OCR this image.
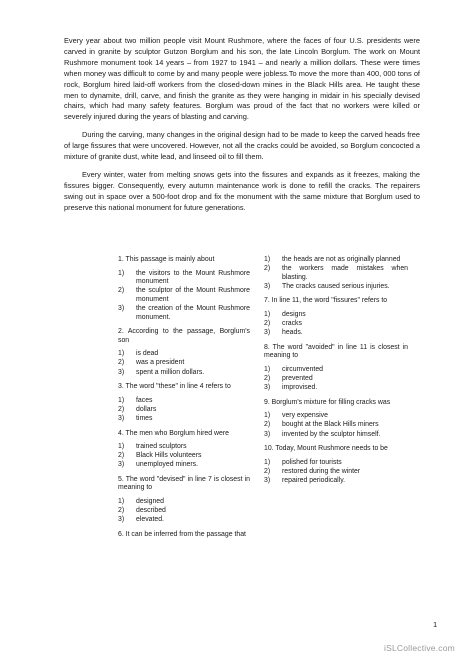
Every year about two million people visit Mount Rushmore, where the faces of four U.S. presidents were carved in granite by sculptor Gutzon Borglum and his son, the late Lincoln Borglum. The work on Mount Rushmore monument took 14 years – from 1927 to 1941 – and nearly a million dollars. These were times when money was difficult to come by and many people were jobless.To move the more than 400, 000 tons of rock, Borglum hired laid-off workers from the closed-down mines in the Black Hills area. He taught these men to dynamite, drill, carve, and finish the granite as they were hanging in midair in his specially devised chairs, which had many safety features. Borglum was proud of the fact that no workers were killed or severely injured during the years of blasting and carving.

During the carving, many changes in the original design had to be made to keep the carved heads free of large fissures that were uncovered. However, not all the cracks could be avoided, so Borglum concocted a mixture of granite dust, white lead, and linseed oil to fill them.

Every winter, water from melting snows gets into the fissures and expands as it freezes, making the fissures bigger. Consequently, every autumn maintenance work is done to refill the cracks. The repairers swing out in space over a 500-foot drop and fix the monument with the same mixture that Borglum used to preserve this national monument for future generations.

1. This passage is mainly about
1)	the visitors to the Mount Rushmore monument
2)	the sculptor of the Mount Rushmore monument
3)	the creation of the Mount Rushmore monument.
2. According to the passage, Borglum's son
1)	is dead
2)	was a president
3)	spent a million dollars.
3. The word "these" in line 4 refers to
1)	faces
2)	dollars
3)	times
4. The men who Borglum hired were
1)	trained sculptors
2)	Black Hills volunteers
3)	unemployed miners.
5. The word "devised" in line 7 is closest in meaning to
1)	designed
2)	described
3)	elevated.
6. It can be inferred from the passage that
1)	the heads are not as originally planned
2)	the workers made mistakes when blasting.
3)	The cracks caused serious injuries.
7. In line 11, the word "fissures" refers to
1)	designs
2)	cracks
3)	heads.
8. The word "avoided" in line 11 is closest in meaning to
1)	circumvented
2)	prevented
3)	improvised.
9. Borglum's mixture for filling cracks was
1)	very expensive
2)	bought at the Black Hills miners
3)	invented by the sculptor himself.
10. Today, Mount Rushmore needs to be
1)	polished for tourists
2)	restored during the winter
3)	repaired periodically.
1
iSLCollective.com
